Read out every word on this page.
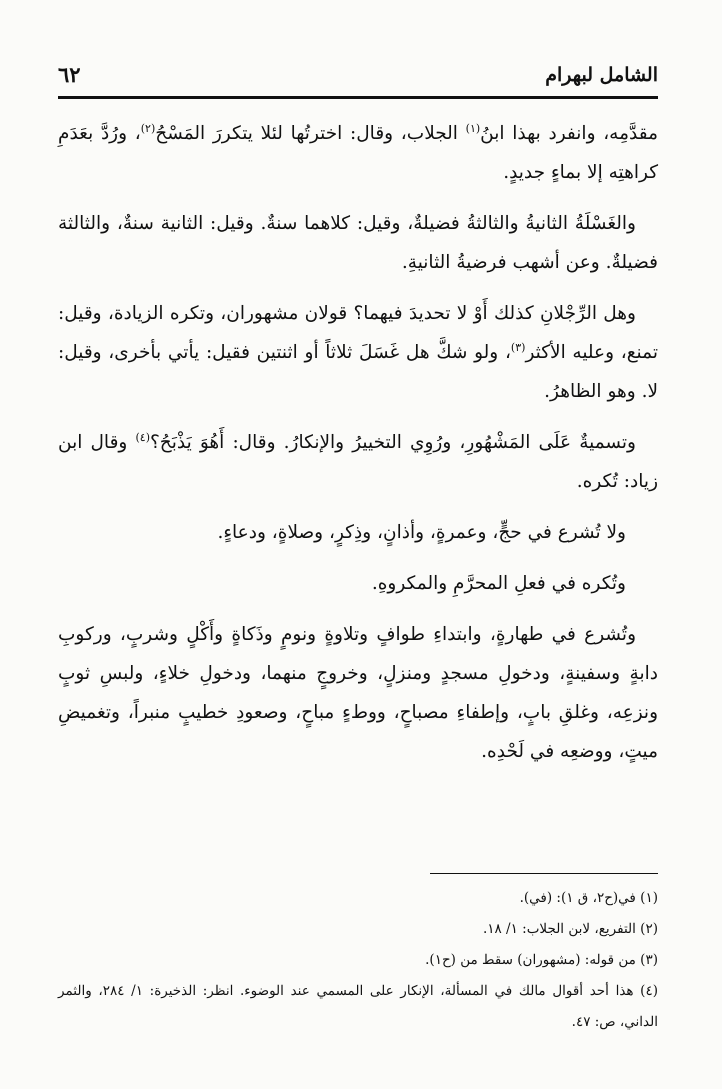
الشامل لبهرام
٦٢

مقدَّمِه، وانفرد بهذا ابنُ$^{(١)}$ الجلاب، وقال: اخترتُها لئلا يتكررَ المَسْحُ$^{(٢)}$، ورُدَّ بعَدَمِ كراهتِه إلا بماءٍ جديدٍ.

والغَسْلَةُ الثانيةُ والثالثةُ فضيلةٌ، وقيل: كلاهما سنةٌ. وقيل: الثانية سنةٌ، والثالثة فضيلةٌ. وعن أشهب فرضيةُ الثانيةِ.

وهل الرِّجْلانِ كذلك أَوْ لا تحديدَ فيهما؟ قولان مشهوران، وتكره الزيادة، وقيل: تمنع، وعليه الأكثر$^{(٣)}$، ولو شكَّ هل غَسَلَ ثلاثاً أو اثنتين فقيل: يأتي بأخرى، وقيل: لا. وهو الظاهرُ.

وتسميةٌ عَلَى المَشْهُورِ، ورُوِي التخييرُ والإنكارُ. وقال: أَهُوَ يَذْبَحُ؟$^{(٤)}$ وقال ابن زياد: تُكره.

ولا تُشرع في حجٍّ، وعمرةٍ، وأذانٍ، وذِكرٍ، وصلاةٍ، ودعاءٍ.

وتُكره في فعلِ المحرَّمِ والمكروهِ.

وتُشرع في طهارةٍ، وابتداءِ طوافٍ وتلاوةٍ ونومٍ وذَكاةٍ وأَكْلٍ وشربٍ، وركوبِ دابةٍ وسفينةٍ، ودخولِ مسجدٍ ومنزلٍ، وخروجٍ منهما، ودخولِ خلاءٍ، ولبسِ ثوبٍ ونزعِه، وغلقِ بابٍ، وإطفاءِ مصباحٍ، ووطءٍ مباحٍ، وصعودِ خطيبٍ منبراً، وتغميضِ ميتٍ، ووضعِه في لَحْدِه.

(١) في(ح٢، ق ١): (في).

(٢) التفريع، لابن الجلاب: ١/ ١٨.

(٣) من قوله: (مشهوران) سقط من (ح١).

(٤) هذا أحد أقوال مالك في المسألة، الإنكار على المسمي عند الوضوء. انظر: الذخيرة: ١/ ٢٨٤، والثمر الداني، ص: ٤٧.
